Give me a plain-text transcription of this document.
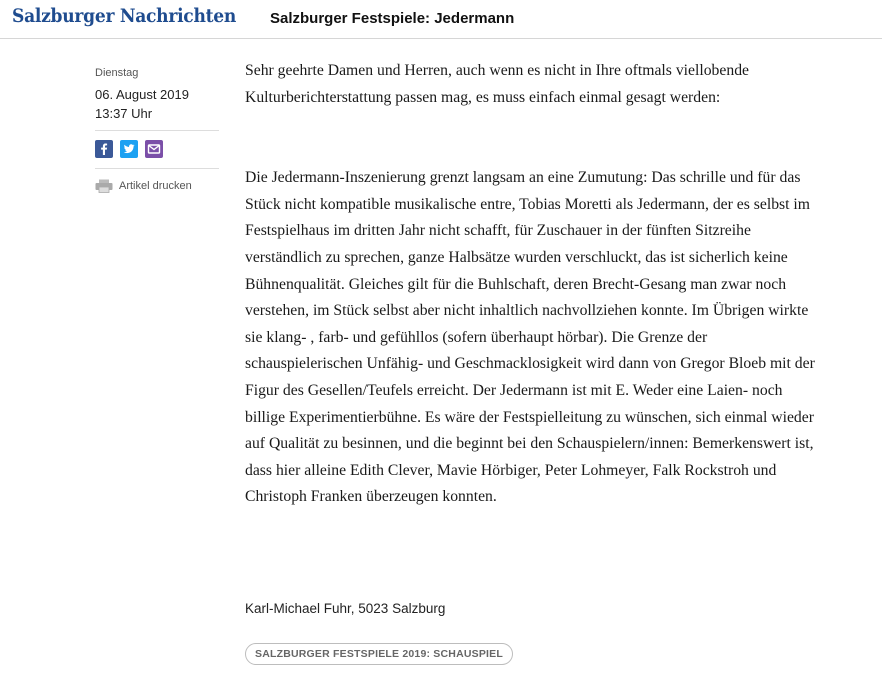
Salzburger Nachrichten Salzburger Festspiele: Jedermann
Dienstag
06. August 2019
13:37 Uhr
Artikel drucken

Sehr geehrte Damen und Herren, auch wenn es nicht in Ihre oftmals viellobende Kulturberichterstattung passen mag, es muss einfach einmal gesagt werden:

Die Jedermann-Inszenierung grenzt langsam an eine Zumutung: Das schrille und für das Stück nicht kompatible musikalische entre, Tobias Moretti als Jedermann, der es selbst im Festspielhaus im dritten Jahr nicht schafft, für Zuschauer in der fünften Sitzreihe verständlich zu sprechen, ganze Halbsätze wurden verschluckt, das ist sicherlich keine Bühnenqualität. Gleiches gilt für die Buhlschaft, deren Brecht-Gesang man zwar noch verstehen, im Stück selbst aber nicht inhaltlich nachvollziehen konnte. Im Übrigen wirkte sie klang- , farb- und gefühllos (sofern überhaupt hörbar). Die Grenze der schauspielerischen Unfähig- und Geschmacklosigkeit wird dann von Gregor Bloeb mit der Figur des Gesellen/Teufels erreicht. Der Jedermann ist mit E. Weder eine Laien- noch billige Experimentierbühne. Es wäre der Festspielleitung zu wünschen, sich einmal wieder auf Qualität zu besinnen, und die beginnt bei den Schauspielern/innen: Bemerkenswert ist, dass hier alleine Edith Clever, Mavie Hörbiger, Peter Lohmeyer, Falk Rockstroh und Christoph Franken überzeugen konnten.

Karl-Michael Fuhr, 5023 Salzburg
SALZBURGER FESTSPIELE 2019: SCHAUSPIEL
